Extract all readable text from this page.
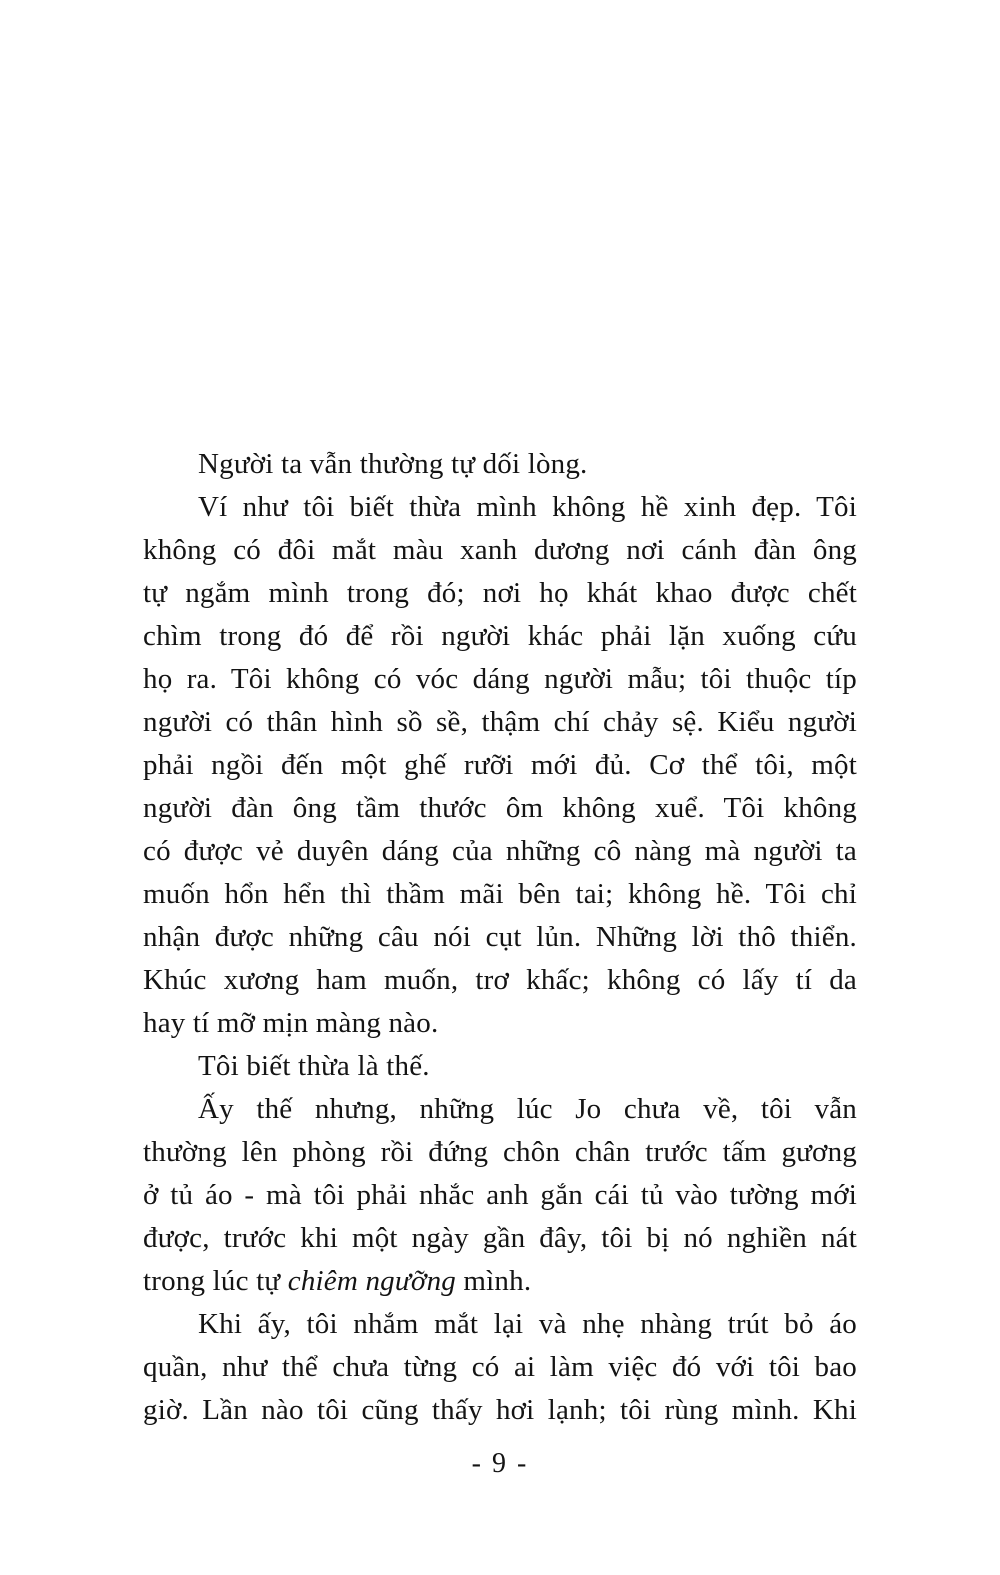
Người ta vẫn thường tự dối lòng.
Ví như tôi biết thừa mình không hề xinh đẹp. Tôi
không có đôi mắt màu xanh dương nơi cánh đàn ông
tự ngắm mình trong đó; nơi họ khát khao được chết
chìm trong đó để rồi người khác phải lặn xuống cứu
họ ra. Tôi không có vóc dáng người mẫu; tôi thuộc típ
người có thân hình sồ sề, thậm chí chảy sệ. Kiểu người
phải ngồi đến một ghế rưỡi mới đủ. Cơ thể tôi, một
người đàn ông tầm thước ôm không xuể. Tôi không
có được vẻ duyên dáng của những cô nàng mà người ta
muốn hổn hển thì thầm mãi bên tai; không hề. Tôi chỉ
nhận được những câu nói cụt lủn. Những lời thô thiển.
Khúc xương ham muốn, trơ khấc; không có lấy tí da
hay tí mỡ mịn màng nào.
Tôi biết thừa là thế.
Ấy thế nhưng, những lúc Jo chưa về, tôi vẫn
thường lên phòng rồi đứng chôn chân trước tấm gương
ở tủ áo - mà tôi phải nhắc anh gắn cái tủ vào tường mới
được, trước khi một ngày gần đây, tôi bị nó nghiền nát
trong lúc tự chiêm ngưỡng mình.
Khi ấy, tôi nhắm mắt lại và nhẹ nhàng trút bỏ áo
quần, như thể chưa từng có ai làm việc đó với tôi bao
giờ. Lần nào tôi cũng thấy hơi lạnh; tôi rùng mình. Khi
- 9 -
